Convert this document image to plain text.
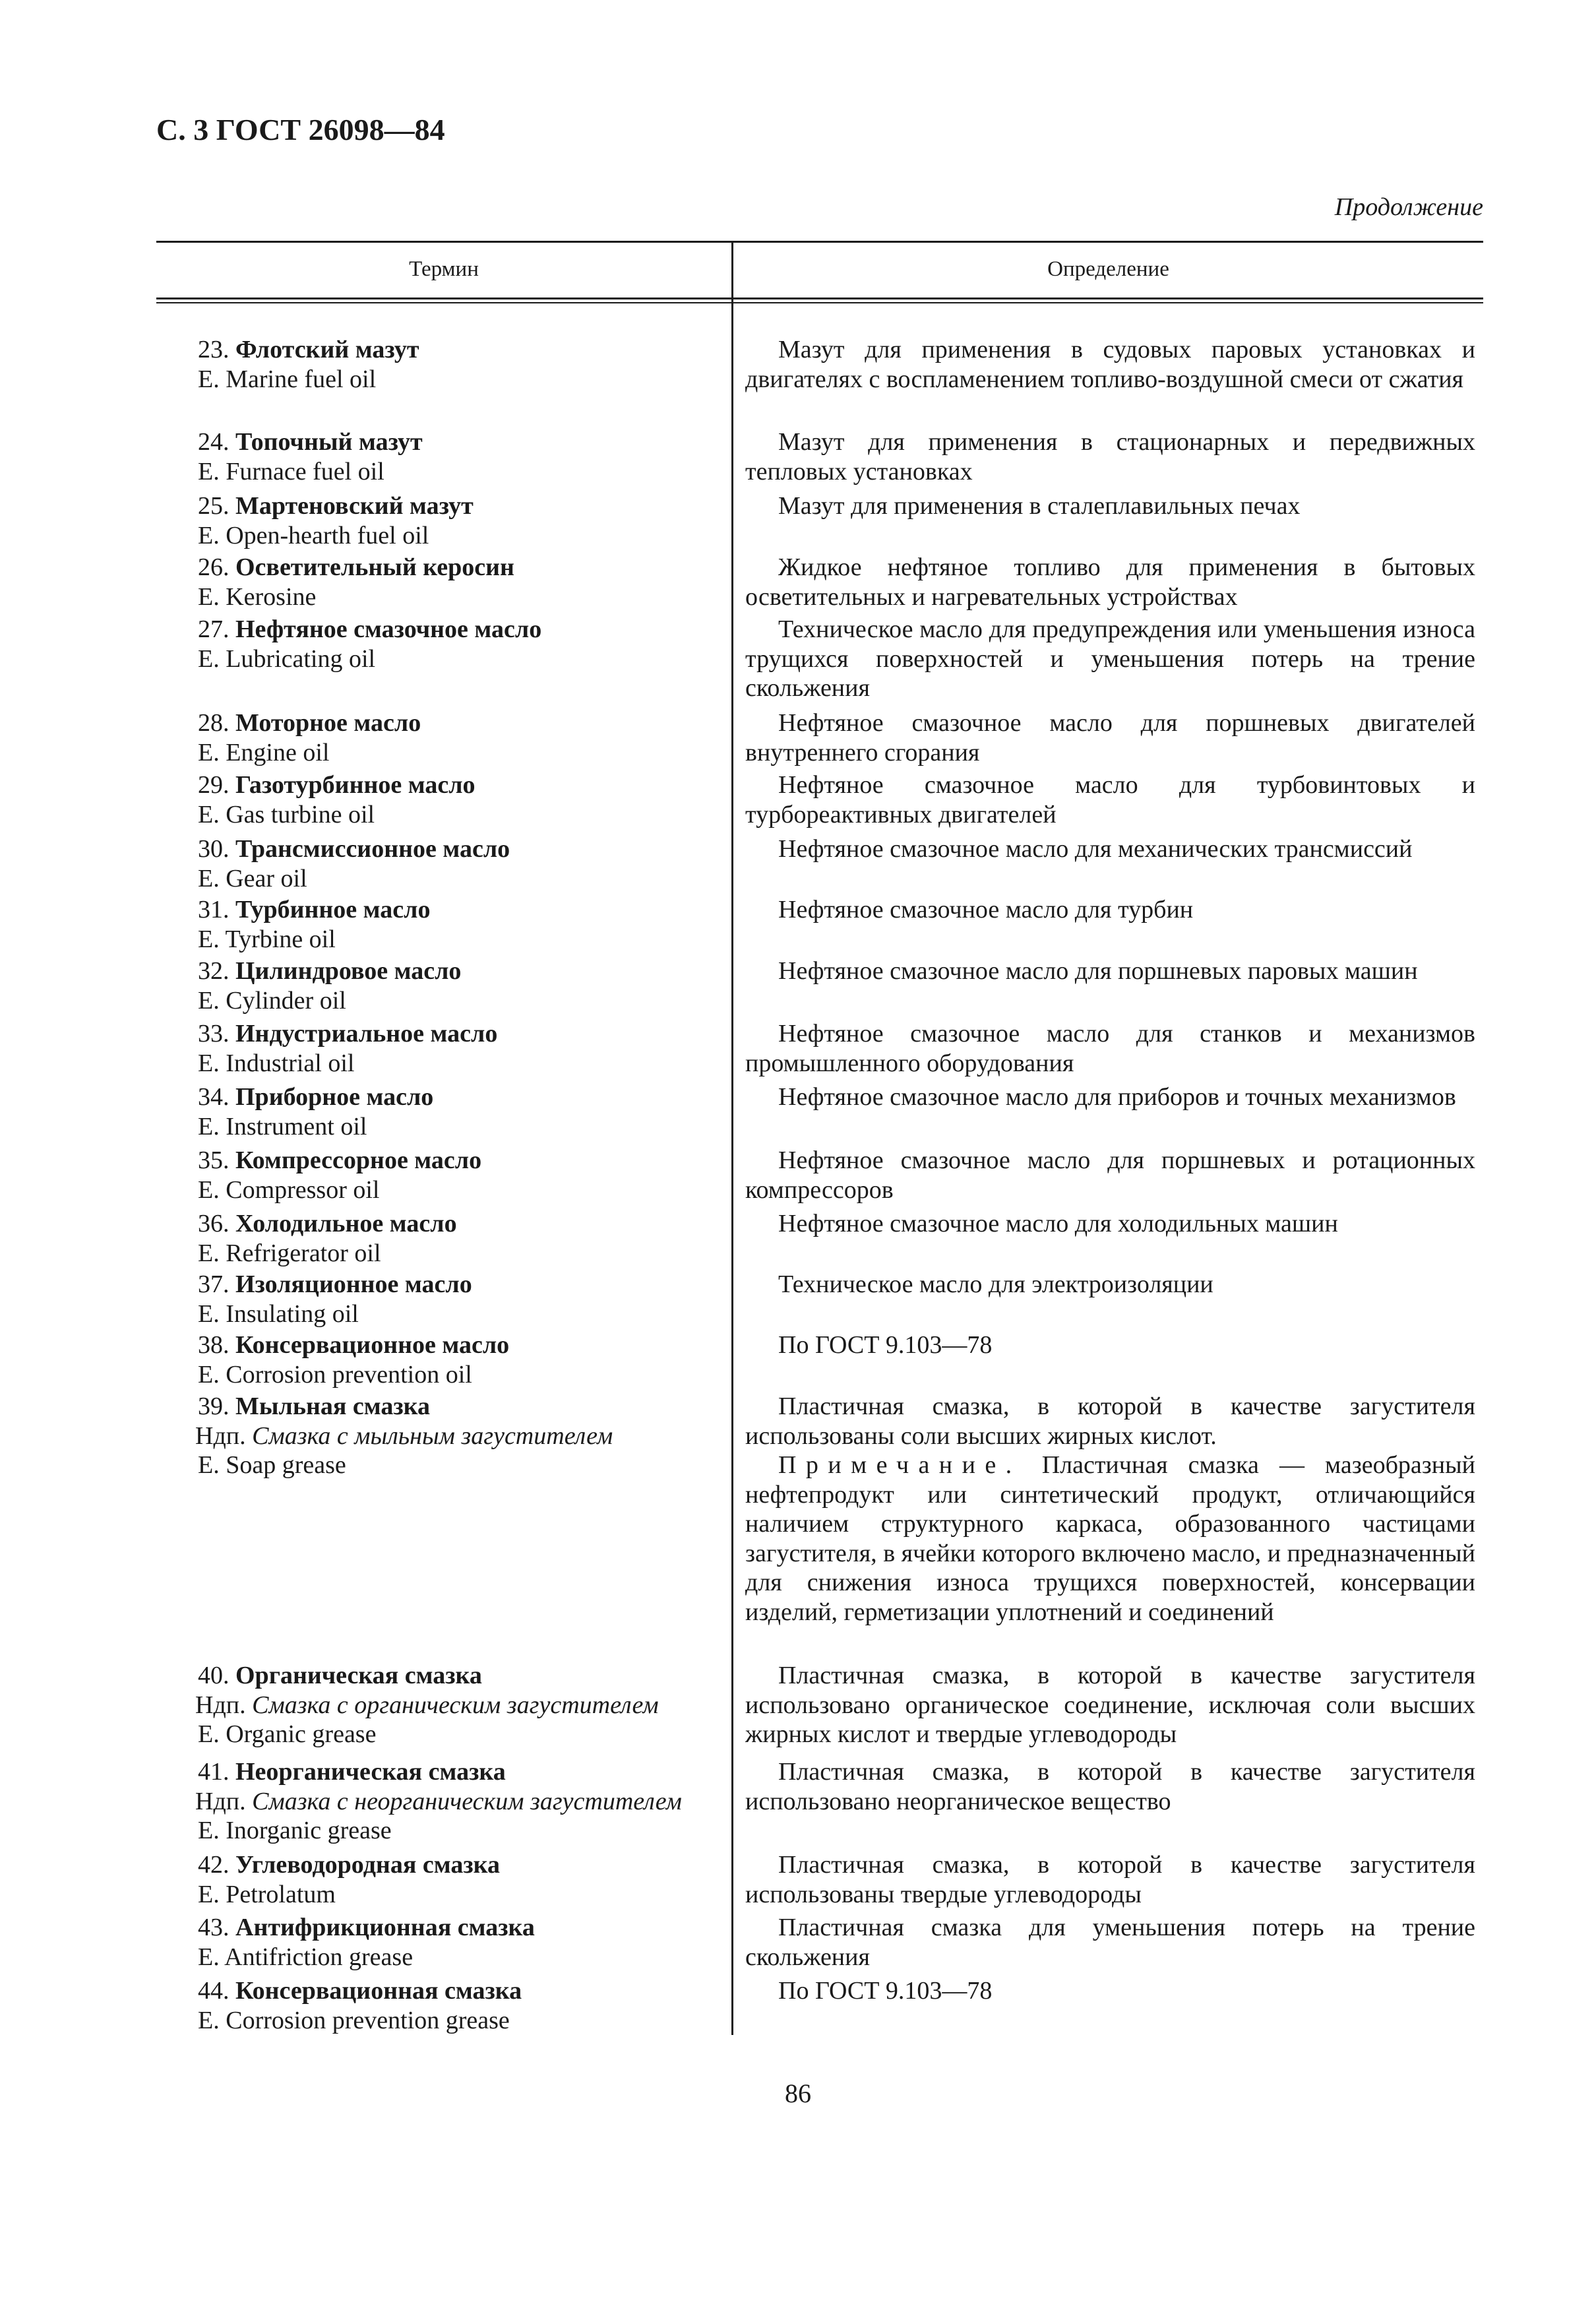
С. 3 ГОСТ 26098—84
Продолжение
Термин	Определение
23. Флотский мазут
E. Marine fuel oil

Мазут для применения в судовых паровых установках и двигателях с воспламенением топливо-воздушной смеси от сжатия

24. Топочный мазут
E. Furnace fuel oil

Мазут для применения в стационарных и передвижных тепловых установках

25. Мартеновский мазут
E. Open-hearth fuel oil

Мазут для применения в сталеплавильных печах

26. Осветительный керосин
E. Kerosine

Жидкое нефтяное топливо для применения в бытовых осветительных и нагревательных устройствах

27. Нефтяное смазочное масло
E. Lubricating oil

Техническое масло для предупреждения или уменьшения износа трущихся поверхностей и уменьшения потерь на трение скольжения

28. Моторное масло
E. Engine oil

Нефтяное смазочное масло для поршневых двигателей внутреннего сгорания

29. Газотурбинное масло
E. Gas turbine oil

Нефтяное смазочное масло для турбовинтовых и турбореактивных двигателей

30. Трансмиссионное масло
E. Gear oil

Нефтяное смазочное масло для механических трансмиссий

31. Турбинное масло
E. Tyrbine oil

Нефтяное смазочное масло для турбин

32. Цилиндровое масло
E. Cylinder oil

Нефтяное смазочное масло для поршневых паровых машин

33. Индустриальное масло
E. Industrial oil

Нефтяное смазочное масло для станков и механизмов промышленного оборудования

34. Приборное масло
E. Instrument oil

Нефтяное смазочное масло для приборов и точных механизмов

35. Компрессорное масло
E. Compressor oil

Нефтяное смазочное масло для поршневых и ротационных компрессоров

36. Холодильное масло
E. Refrigerator oil

Нефтяное смазочное масло для холодильных машин

37. Изоляционное масло
E. Insulating oil

Техническое масло для электроизоляции

38. Консервационное масло
E. Corrosion prevention oil

По ГОСТ 9.103—78

39. Мыльная смазка
Ндп. Смазка с мыльным загустителем
E. Soap grease

Пластичная смазка, в которой в качестве загустителя использованы соли высших жирных кислот.

Примечание. Пластичная смазка — мазеобразный нефтепродукт или синтетический продукт, отличающийся наличием структурного каркаса, образованного частицами загустителя, в ячейки которого включено масло, и предназначенный для снижения износа трущихся поверхностей, консервации изделий, герметизации уплотнений и соединений

40. Органическая смазка
Ндп. Смазка с органическим загустителем
E. Organic grease

Пластичная смазка, в которой в качестве загустителя использовано органическое соединение, исключая соли высших жирных кислот и твердые углеводороды

41. Неорганическая смазка
Ндп. Смазка с неорганическим загустителем
E. Inorganic grease

Пластичная смазка, в которой в качестве загустителя использовано неорганическое вещество

42. Углеводородная смазка
E. Petrolatum

Пластичная смазка, в которой в качестве загустителя использованы твердые углеводороды

43. Антифрикционная смазка
E. Antifriction grease

Пластичная смазка для уменьшения потерь на трение скольжения

44. Консервационная смазка
E. Corrosion prevention grease

По ГОСТ 9.103—78

86
